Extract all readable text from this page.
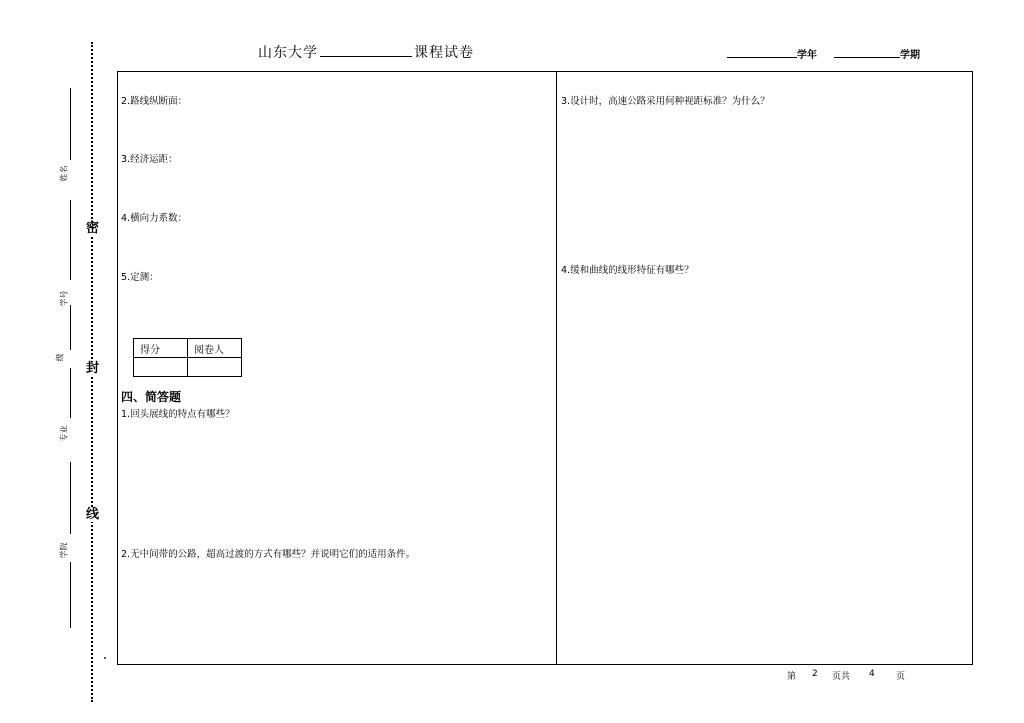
山东大学	课程试卷	学年	学期
密
封
线
姓名
学号
级
专业
学院
2.路线纵断面：
3.经济运距：
4.横向力系数：
5.定测：
得分	阅卷人

四、简答题
1.回头展线的特点有哪些？
2.无中间带的公路，超高过渡的方式有哪些？并说明它们的适用条件。
3.设计时，高速公路采用何种视距标准？为什么？
4.缓和曲线的线形特征有哪些？
第 2 页共 4 页
